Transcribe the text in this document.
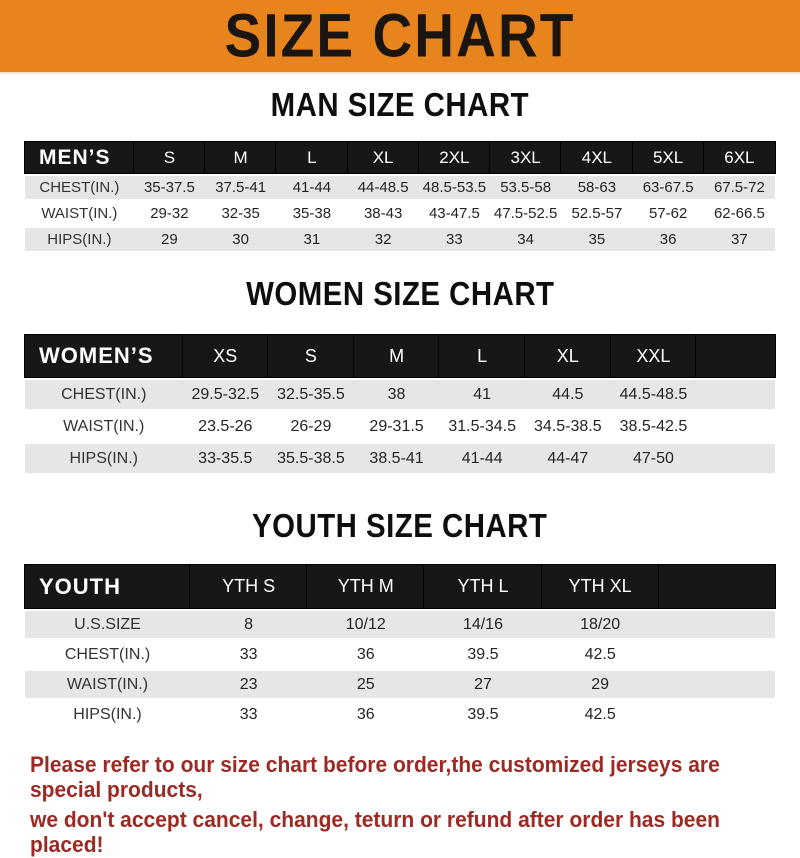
SIZE CHART
MAN SIZE CHART
MEN’S	S	M	L	XL	2XL	3XL	4XL	5XL	6XL
CHEST(IN.)	35-37.5	37.5-41	41-44	44-48.5	48.5-53.5	53.5-58	58-63	63-67.5	67.5-72
WAIST(IN.)	29-32	32-35	35-38	38-43	43-47.5	47.5-52.5	52.5-57	57-62	62-66.5
HIPS(IN.)	29	30	31	32	33	34	35	36	37
WOMEN SIZE CHART
WOMEN’S	XS	S	M	L	XL	XXL	
CHEST(IN.)	29.5-32.5	32.5-35.5	38	41	44.5	44.5-48.5	
WAIST(IN.)	23.5-26	26-29	29-31.5	31.5-34.5	34.5-38.5	38.5-42.5	
HIPS(IN.)	33-35.5	35.5-38.5	38.5-41	41-44	44-47	47-50	
YOUTH SIZE CHART
YOUTH	YTH S	YTH M	YTH L	YTH XL	
U.S.SIZE	8	10/12	14/16	18/20	
CHEST(IN.)	33	36	39.5	42.5	
WAIST(IN.)	23	25	27	29	
HIPS(IN.)	33	36	39.5	42.5	

Please refer to our size chart before order,the customized jerseys are special products,

we don't accept cancel, change, teturn or refund after order has been placed!
